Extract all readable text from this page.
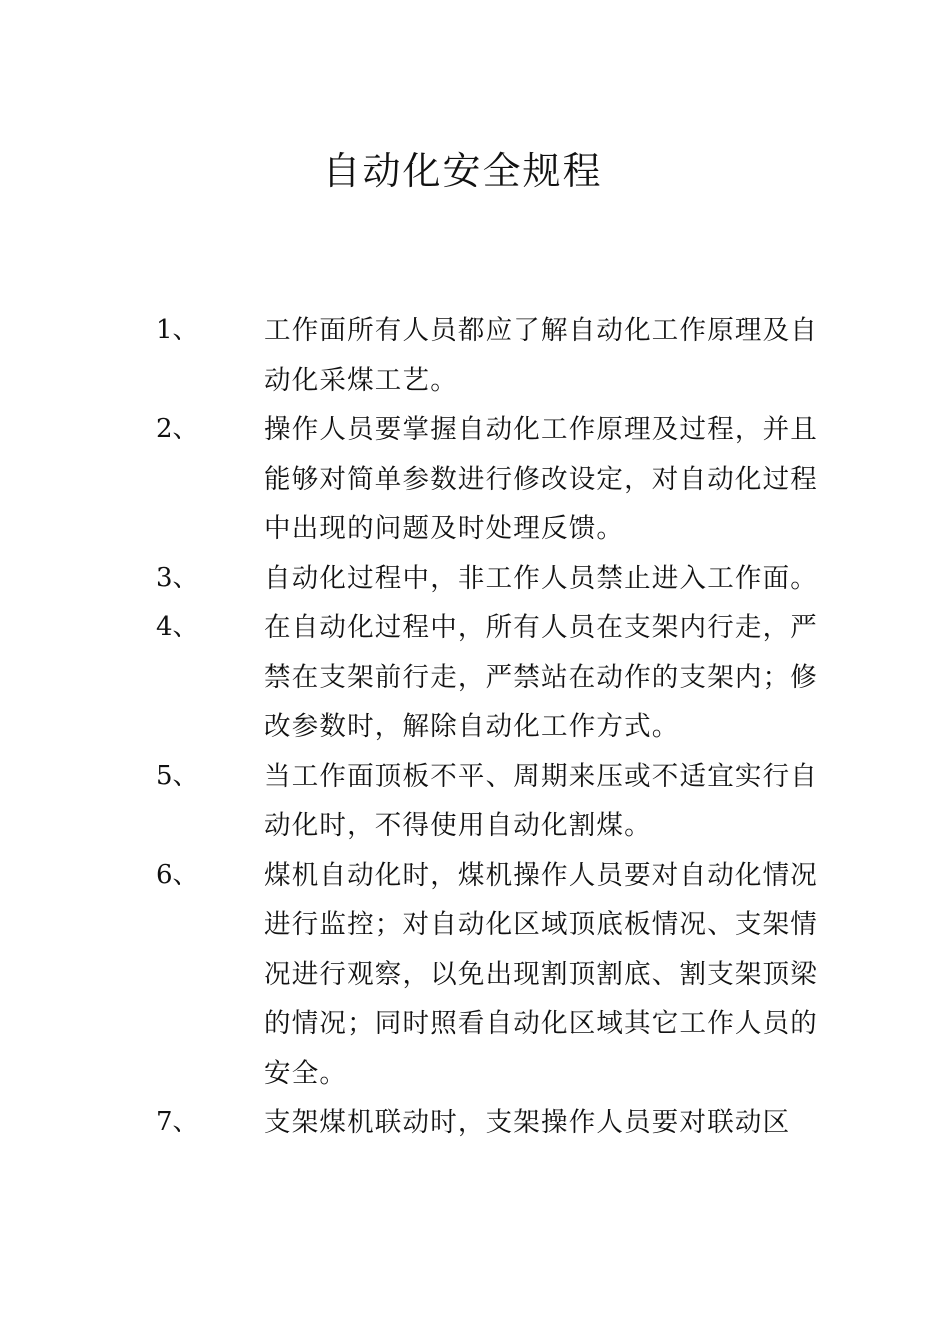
自动化安全规程
1、	工作面所有人员都应了解自动化工作原理及自动化采煤工艺。
2、	操作人员要掌握自动化工作原理及过程，并且能够对简单参数进行修改设定，对自动化过程中出现的问题及时处理反馈。
3、	自动化过程中，非工作人员禁止进入工作面。
4、	在自动化过程中，所有人员在支架内行走，严禁在支架前行走，严禁站在动作的支架内；修改参数时，解除自动化工作方式。
5、	当工作面顶板不平、周期来压或不适宜实行自动化时，不得使用自动化割煤。
6、	煤机自动化时，煤机操作人员要对自动化情况进行监控；对自动化区域顶底板情况、支架情况进行观察，以免出现割顶割底、割支架顶梁的情况；同时照看自动化区域其它工作人员的安全。
7、	支架煤机联动时，支架操作人员要对联动区
